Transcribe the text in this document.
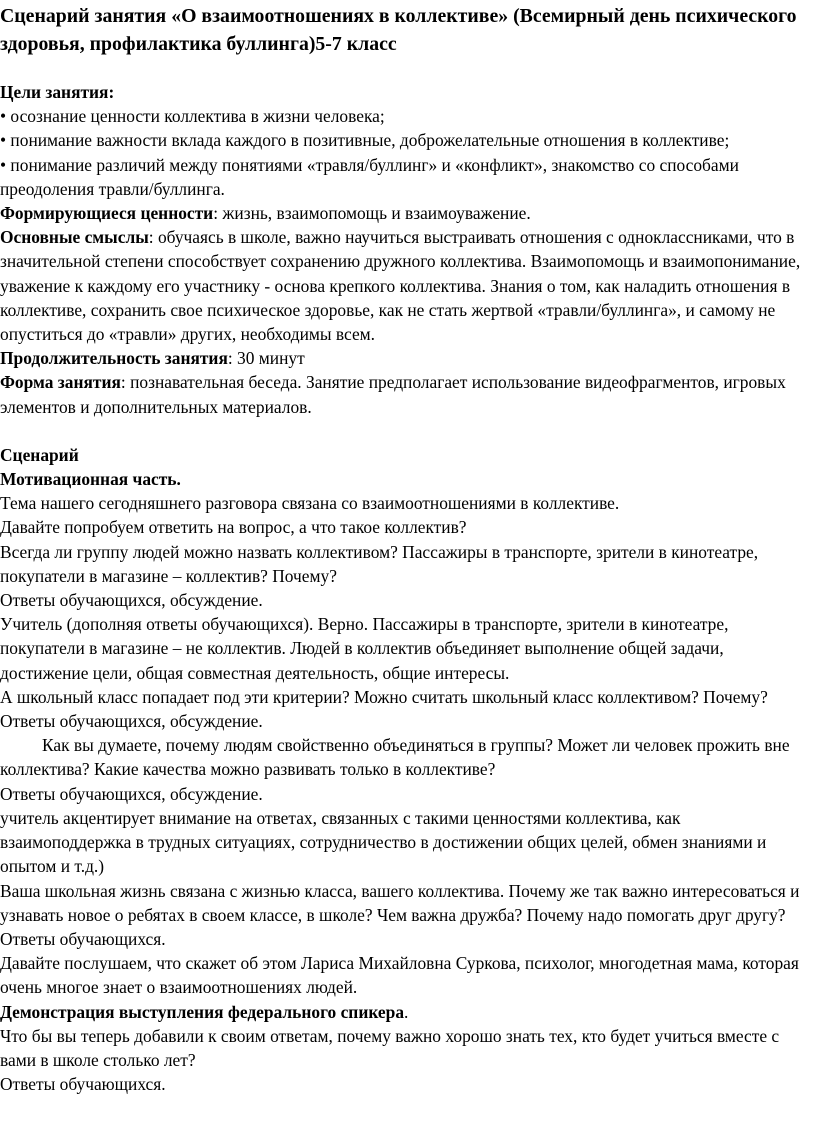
Сценарий занятия «О взаимоотношениях в коллективе» (Всемирный день психического здоровья, профилактика буллинга)5-7 класс

Цели занятия:

• осознание ценности коллектива в жизни человека;

• понимание важности вклада каждого в позитивные, доброжелательные отношения в коллективе;

• понимание различий между понятиями «травля/буллинг» и «конфликт», знакомство со способами преодоления травли/буллинга.

Формирующиеся ценности: жизнь, взаимопомощь и взаимоуважение.

Основные смыслы: обучаясь в школе, важно научиться выстраивать отношения с одноклассниками, что в значительной степени способствует сохранению дружного коллектива. Взаимопомощь и взаимопонимание, уважение к каждому его участнику - основа крепкого коллектива. Знания о том, как наладить отношения в коллективе, сохранить свое психическое здоровье, как не стать жертвой «травли/буллинга», и самому не опуститься до «травли» других, необходимы всем.

Продолжительность занятия: 30 минут

Форма занятия: познавательная беседа. Занятие предполагает использование видеофрагментов, игровых элементов и дополнительных материалов.

Сценарий

Мотивационная часть.

Тема нашего сегодняшнего разговора связана со взаимоотношениями в коллективе.

Давайте попробуем ответить на вопрос, а что такое коллектив?

Всегда ли группу людей можно назвать коллективом? Пассажиры в транспорте, зрители в кинотеатре, покупатели в магазине – коллектив? Почему?

Ответы обучающихся, обсуждение.

Учитель (дополняя ответы обучающихся). Верно. Пассажиры в транспорте, зрители в кинотеатре, покупатели в магазине – не коллектив. Людей в коллектив объединяет выполнение общей задачи, достижение цели, общая совместная деятельность, общие интересы.

А школьный класс попадает под эти критерии? Можно считать школьный класс коллективом? Почему?

Ответы обучающихся, обсуждение.

Как вы думаете, почему людям свойственно объединяться в группы? Может ли человек прожить вне коллектива? Какие качества можно развивать только в коллективе?

Ответы обучающихся, обсуждение.

учитель акцентирует внимание на ответах, связанных с такими ценностями коллектива, как взаимоподдержка в трудных ситуациях, сотрудничество в достижении общих целей, обмен знаниями и опытом и т.д.)

Ваша школьная жизнь связана с жизнью класса, вашего коллектива. Почему же так важно интересоваться и узнавать новое о ребятах в своем классе, в школе? Чем важна дружба? Почему надо помогать друг другу?

Ответы обучающихся.

Давайте послушаем, что скажет об этом Лариса Михайловна Суркова, психолог, многодетная мама, которая очень многое знает о взаимоотношениях людей.

Демонстрация выступления федерального спикера.

Что бы вы теперь добавили к своим ответам, почему важно хорошо знать тех, кто будет учиться вместе с вами в школе столько лет?

Ответы обучающихся.
